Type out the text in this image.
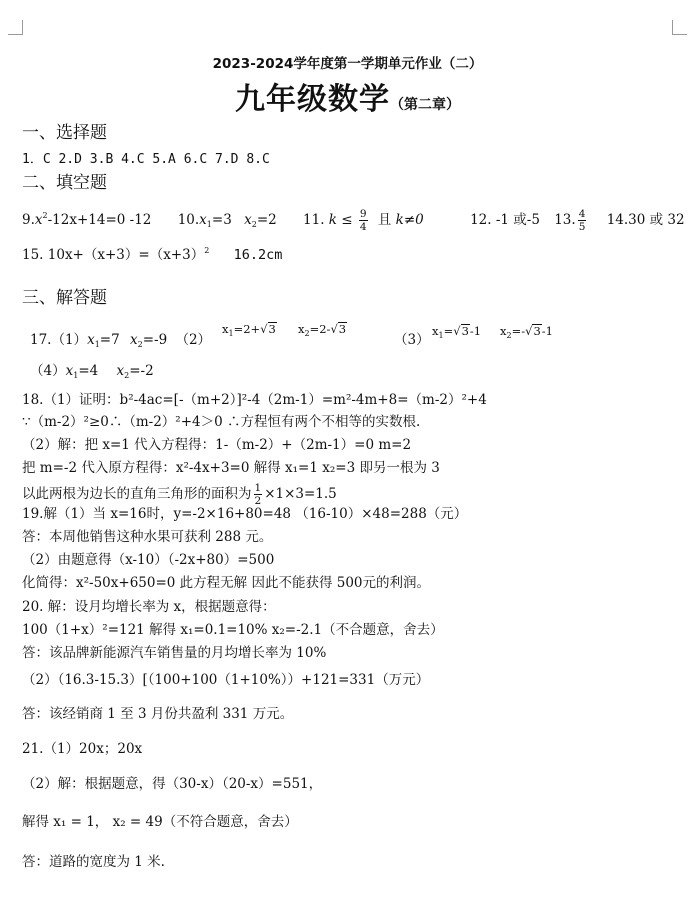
2023-2024学年度第一学期单元作业（二）
九年级数学（第二章）
一、选择题
1．C 2.D 3.B 4.C 5.A 6.C 7.D 8.C
二、填空题
$9.x^2-12x+14=0$ -12 $10.x_1=3$ $x_2=2$ 11. $k \le \frac{9}{4}$ 且 k≠0	12. -1 或-5 13. $\frac{4}{5} 14.30$ 或 32
15. $10x+(x+3)=(x+3)^2$ 16.2cm
三、解答题
$17.(1)x_1=7$ $x_2=-9$ （2）
$x_1=2+√3$ $x_2=2-√3$
（3）
$x_1=√3-1$ $x_2=-√3-1$
$(4)x_1=4$ $x_2=-2$
18.（1）证明：b²-4ac=[-（m+2）]²-4（2m-1）=m²-4m+8=（m-2）²+4
∵（m-2）²≥0∴（m-2）²+4＞0 ∴方程恒有两个不相等的实数根.
（2）解：把 x=1 代入方程得：1-（m-2）+（2m-1）=0 m=2
把 m=-2 代入原方程得：x²-4x+3=0 解得 x₁=1 x₂=3 即另一根为 3
以此两根为边长的直角三角形的面积为 $\frac{1}{2} \times 1\times 3=1.5$
19.解（1）当 x=16时，y=-2×16+80=48 （16-10）×48=288（元）
答：本周他销售这种水果可获利 288 元。
（2）由题意得（x-10）（-2x+80）=500
化简得：x²-50x+650=0 此方程无解 因此不能获得 500元的利润。
20. 解：设月均增长率为 x，根据题意得：
100（1+x）²=121 解得 x₁=0.1=10% x₂=-2.1（不合题意，舍去）
答：该品牌新能源汽车销售量的月均增长率为 10%
（2）（16.3-15.3）[（100+100（1+10%））+121=331（万元）
答：该经销商 1 至 3 月份共盈利 331 万元。
21.（1）20x；20x
（2）解：根据题意，得（30-x）（20-x）=551，
解得 x₁ = 1， x₂ = 49（不符合题意，舍去）
答：道路的宽度为 1 米.
